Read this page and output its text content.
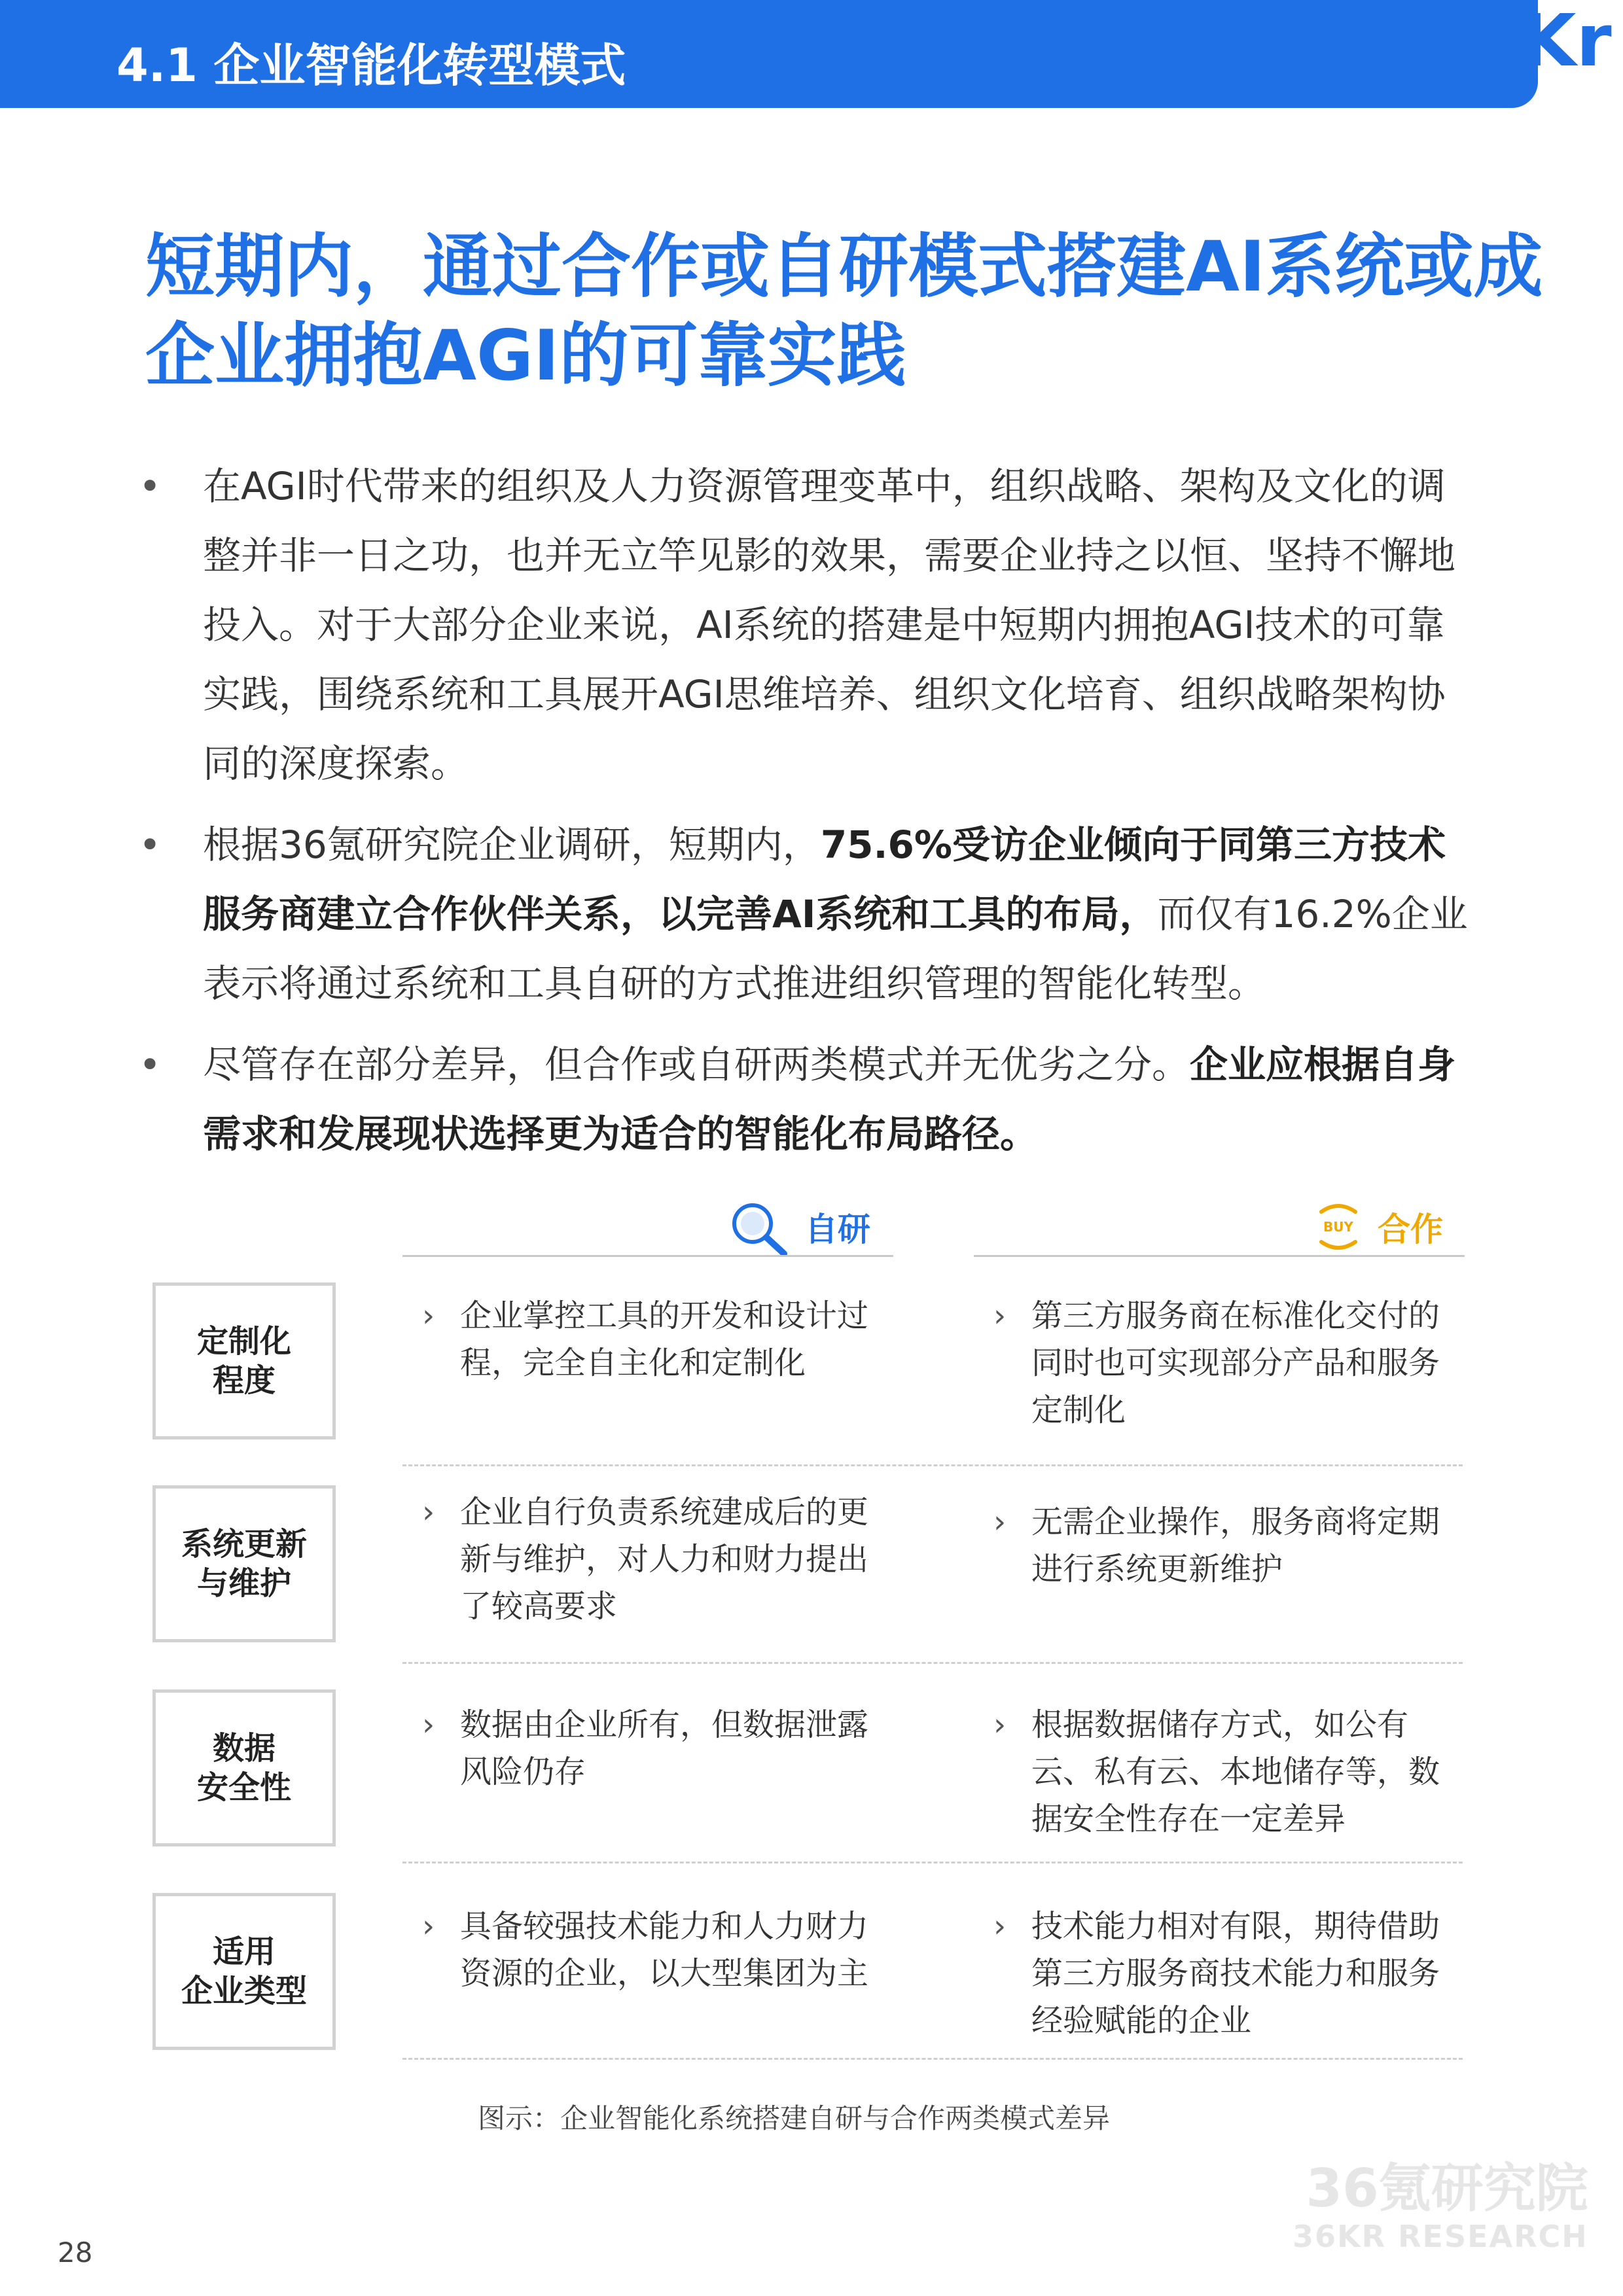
4.1 企业智能化转型模式	36Kr
短期内，通过合作或自研模式搭建AI系统或成企业拥抱AGI的可靠实践
• 在AGI时代带来的组织及人力资源管理变革中，组织战略、架构及文化的调整并非一日之功，也并无立竿见影的效果，需要企业持之以恒、坚持不懈地投入。对于大部分企业来说，AI系统的搭建是中短期内拥抱AGI技术的可靠实践，围绕系统和工具展开AGI思维培养、组织文化培育、组织战略架构协同的深度探索。
• 根据36氪研究院企业调研，短期内，75.6%受访企业倾向于同第三方技术服务商建立合作伙伴关系，以完善AI系统和工具的布局，而仅有16.2%企业表示将通过系统和工具自研的方式推进组织管理的智能化转型。
• 尽管存在部分差异，但合作或自研两类模式并无优劣之分。企业应根据自身需求和发展现状选择更为适合的智能化布局路径。
自研	BUY 合作
定制化
程度
› 企业掌控工具的开发和设计过程，完全自主化和定制化
› 第三方服务商在标准化交付的同时也可实现部分产品和服务定制化
系统更新
与维护
› 企业自行负责系统建成后的更新与维护，对人力和财力提出了较高要求
› 无需企业操作，服务商将定期进行系统更新维护
数据
安全性
› 数据由企业所有，但数据泄露风险仍存
› 根据数据储存方式，如公有云、私有云、本地储存等，数据安全性存在一定差异
适用
企业类型
› 具备较强技术能力和人力财力资源的企业，以大型集团为主
› 技术能力相对有限，期待借助第三方服务商技术能力和服务经验赋能的企业
图示：企业智能化系统搭建自研与合作两类模式差异
36氪研究院
36KR RESEARCH
28
